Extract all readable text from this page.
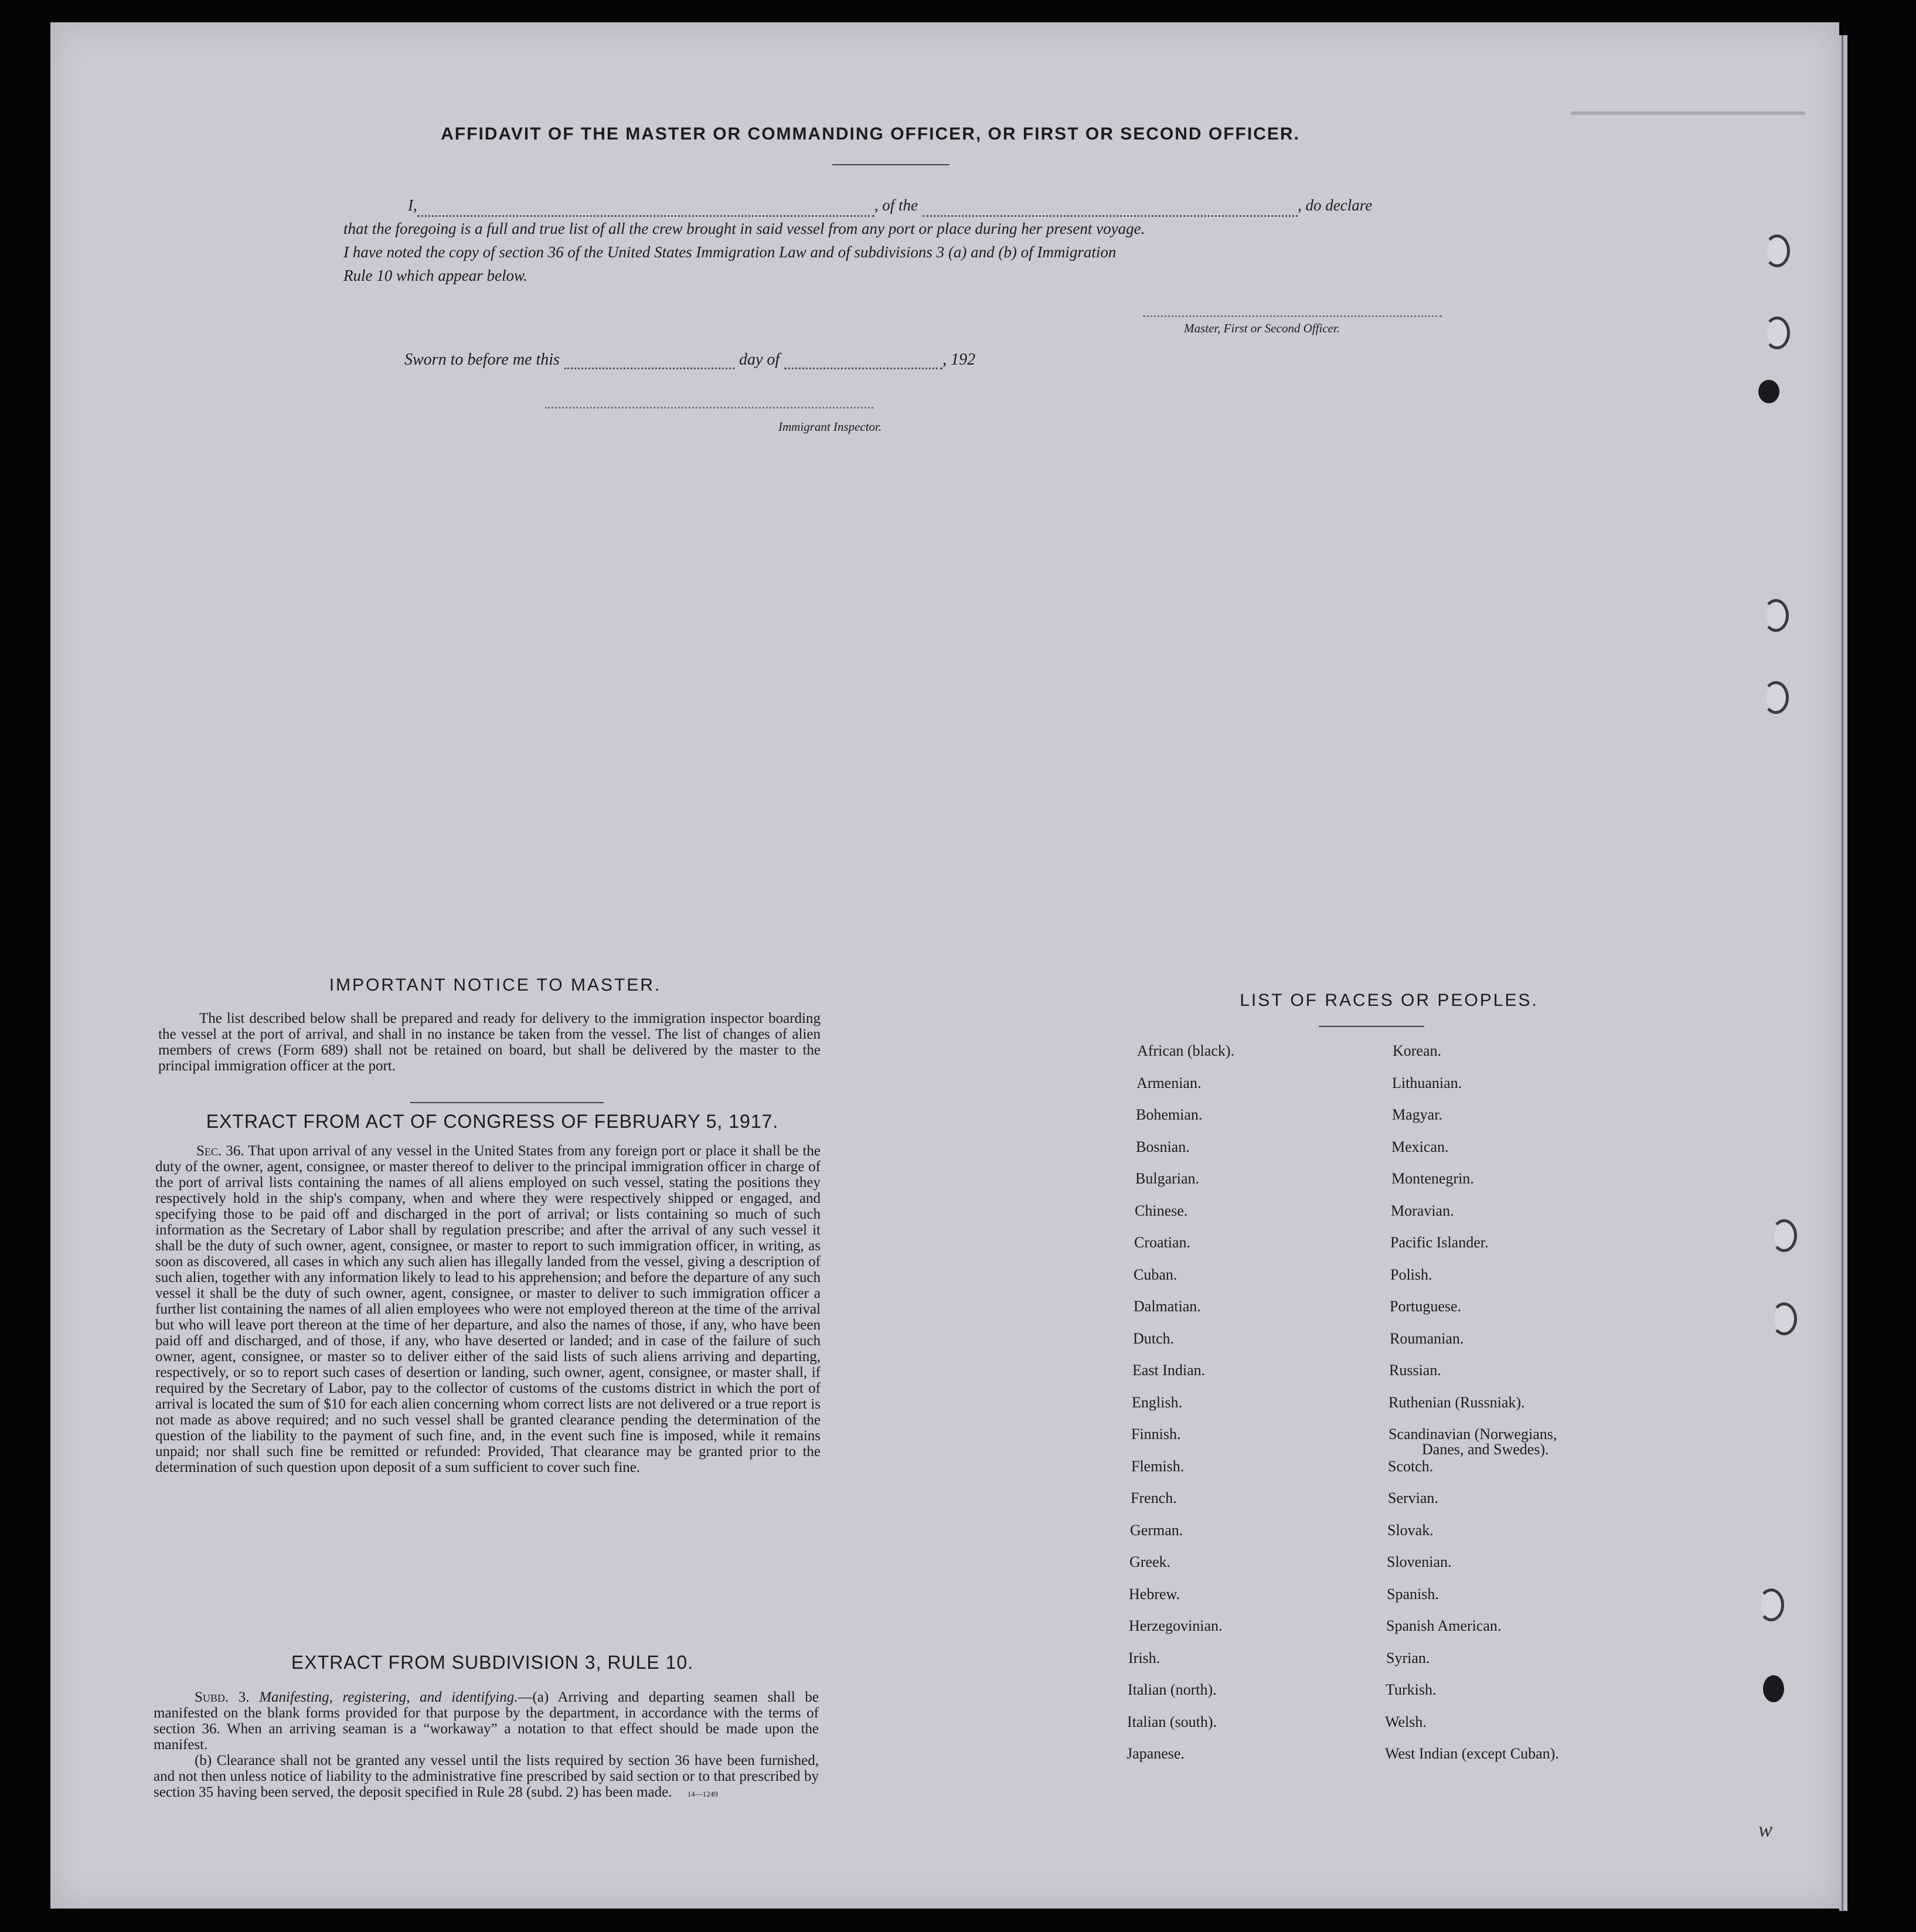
AFFIDAVIT OF THE MASTER OR COMMANDING OFFICER, OR FIRST OR SECOND OFFICER.
I,	, of the	, do declare
that the foregoing is a full and true list of all the crew brought in said vessel from any port or place during her present voyage.
I have noted the copy of section 36 of the United States Immigration Law and of subdivisions 3 (a) and (b) of Immigration
Rule 10 which appear below.
Master, First or Second Officer.
Sworn to before me this	day of	, 192
Immigrant Inspector.
IMPORTANT NOTICE TO MASTER.
The list described below shall be prepared and ready for delivery to the immigration inspector boarding the vessel at the port of arrival, and shall in no instance be taken from the vessel. The list of changes of alien members of crews (Form 689) shall not be retained on board, but shall be delivered by the master to the principal immigration officer at the port.
EXTRACT FROM ACT OF CONGRESS OF FEBRUARY 5, 1917.
Sec. 36. That upon arrival of any vessel in the United States from any foreign port or place it shall be the duty of the owner, agent, consignee, or master thereof to deliver to the principal immigration officer in charge of the port of arrival lists containing the names of all aliens employed on such vessel, stating the positions they respectively hold in the ship's company, when and where they were respectively shipped or engaged, and specifying those to be paid off and discharged in the port of arrival; or lists containing so much of such information as the Secretary of Labor shall by regulation prescribe; and after the arrival of any such vessel it shall be the duty of such owner, agent, consignee, or master to report to such immigration officer, in writing, as soon as discovered, all cases in which any such alien has illegally landed from the vessel, giving a description of such alien, together with any information likely to lead to his apprehension; and before the departure of any such vessel it shall be the duty of such owner, agent, consignee, or master to deliver to such immigration officer a further list containing the names of all alien employees who were not employed thereon at the time of the arrival but who will leave port thereon at the time of her departure, and also the names of those, if any, who have been paid off and discharged, and of those, if any, who have deserted or landed; and in case of the failure of such owner, agent, consignee, or master so to deliver either of the said lists of such aliens arriving and departing, respectively, or so to report such cases of desertion or landing, such owner, agent, consignee, or master shall, if required by the Secretary of Labor, pay to the collector of customs of the customs district in which the port of arrival is located the sum of $10 for each alien concerning whom correct lists are not delivered or a true report is not made as above required; and no such vessel shall be granted clearance pending the determination of the question of the liability to the payment of such fine, and, in the event such fine is imposed, while it remains unpaid; nor shall such fine be remitted or refunded: Provided, That clearance may be granted prior to the determination of such question upon deposit of a sum sufficient to cover such fine.
EXTRACT FROM SUBDIVISION 3, RULE 10.
Subd. 3. Manifesting, registering, and identifying.—(a) Arriving and departing seamen shall be manifested on the blank forms provided for that purpose by the department, in accordance with the terms of section 36. When an arriving seaman is a “workaway” a notation to that effect should be made upon the manifest.
(b) Clearance shall not be granted any vessel until the lists required by section 36 have been furnished, and not then unless notice of liability to the administrative fine prescribed by said section or to that prescribed by section 35 having been served, the deposit specified in Rule 28 (subd. 2) has been made. 14—1249
LIST OF RACES OR PEOPLES.
African (black).
Armenian.
Bohemian.
Bosnian.
Bulgarian.
Chinese.
Croatian.
Cuban.
Dalmatian.
Dutch.
East Indian.
English.
Finnish.
Flemish.
French.
German.
Greek.
Hebrew.
Herzegovinian.
Irish.
Italian (north).
Italian (south).
Japanese.
Korean.
Lithuanian.
Magyar.
Mexican.
Montenegrin.
Moravian.
Pacific Islander.
Polish.
Portuguese.
Roumanian.
Russian.
Ruthenian (Russniak).
Scandinavian (Norwegians,
Danes, and Swedes).
Scotch.
Servian.
Slovak.
Slovenian.
Spanish.
Spanish American.
Syrian.
Turkish.
Welsh.
West Indian (except Cuban).
w
